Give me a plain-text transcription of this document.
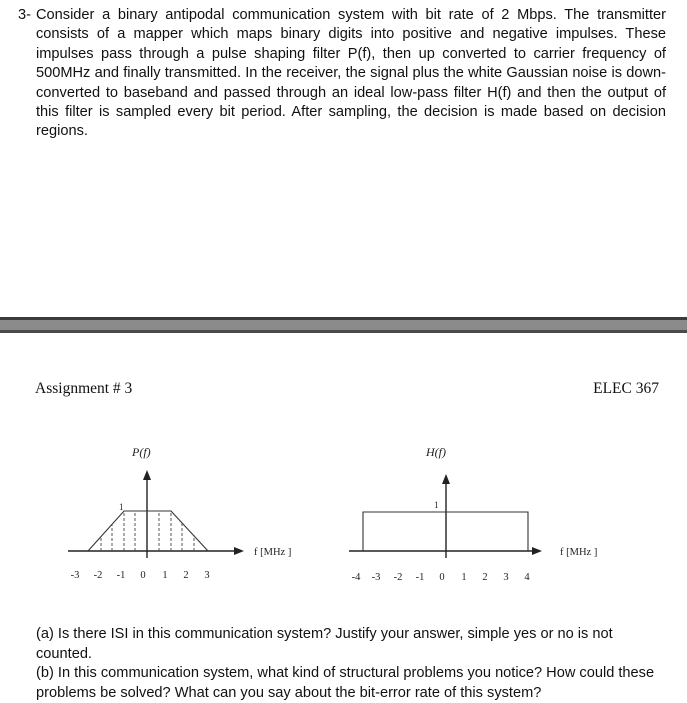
3- Consider a binary antipodal communication system with bit rate of 2 Mbps. The transmitter consists of a mapper which maps binary digits into positive and negative impulses. These impulses pass through a pulse shaping filter P(f), then up converted to carrier frequency of 500MHz and finally transmitted. In the receiver, the signal plus the white Gaussian noise is down-converted to baseband and passed through an ideal low-pass filter H(f) and then the output of this filter is sampled every bit period. After sampling, the decision is made based on decision regions.
Assignment # 3	ELEC 367
P(f)
1
f [MHz ]
-3 -2 -1 0 1 2 3
H(f)
1
f [MHz ]
-4 -3 -2 -1 0 1 2 3 4
(a) Is there ISI in this communication system? Justify your answer, simple yes or no is not counted.
(b) In this communication system, what kind of structural problems you notice? How could these problems be solved? What can you say about the bit-error rate of this system?
